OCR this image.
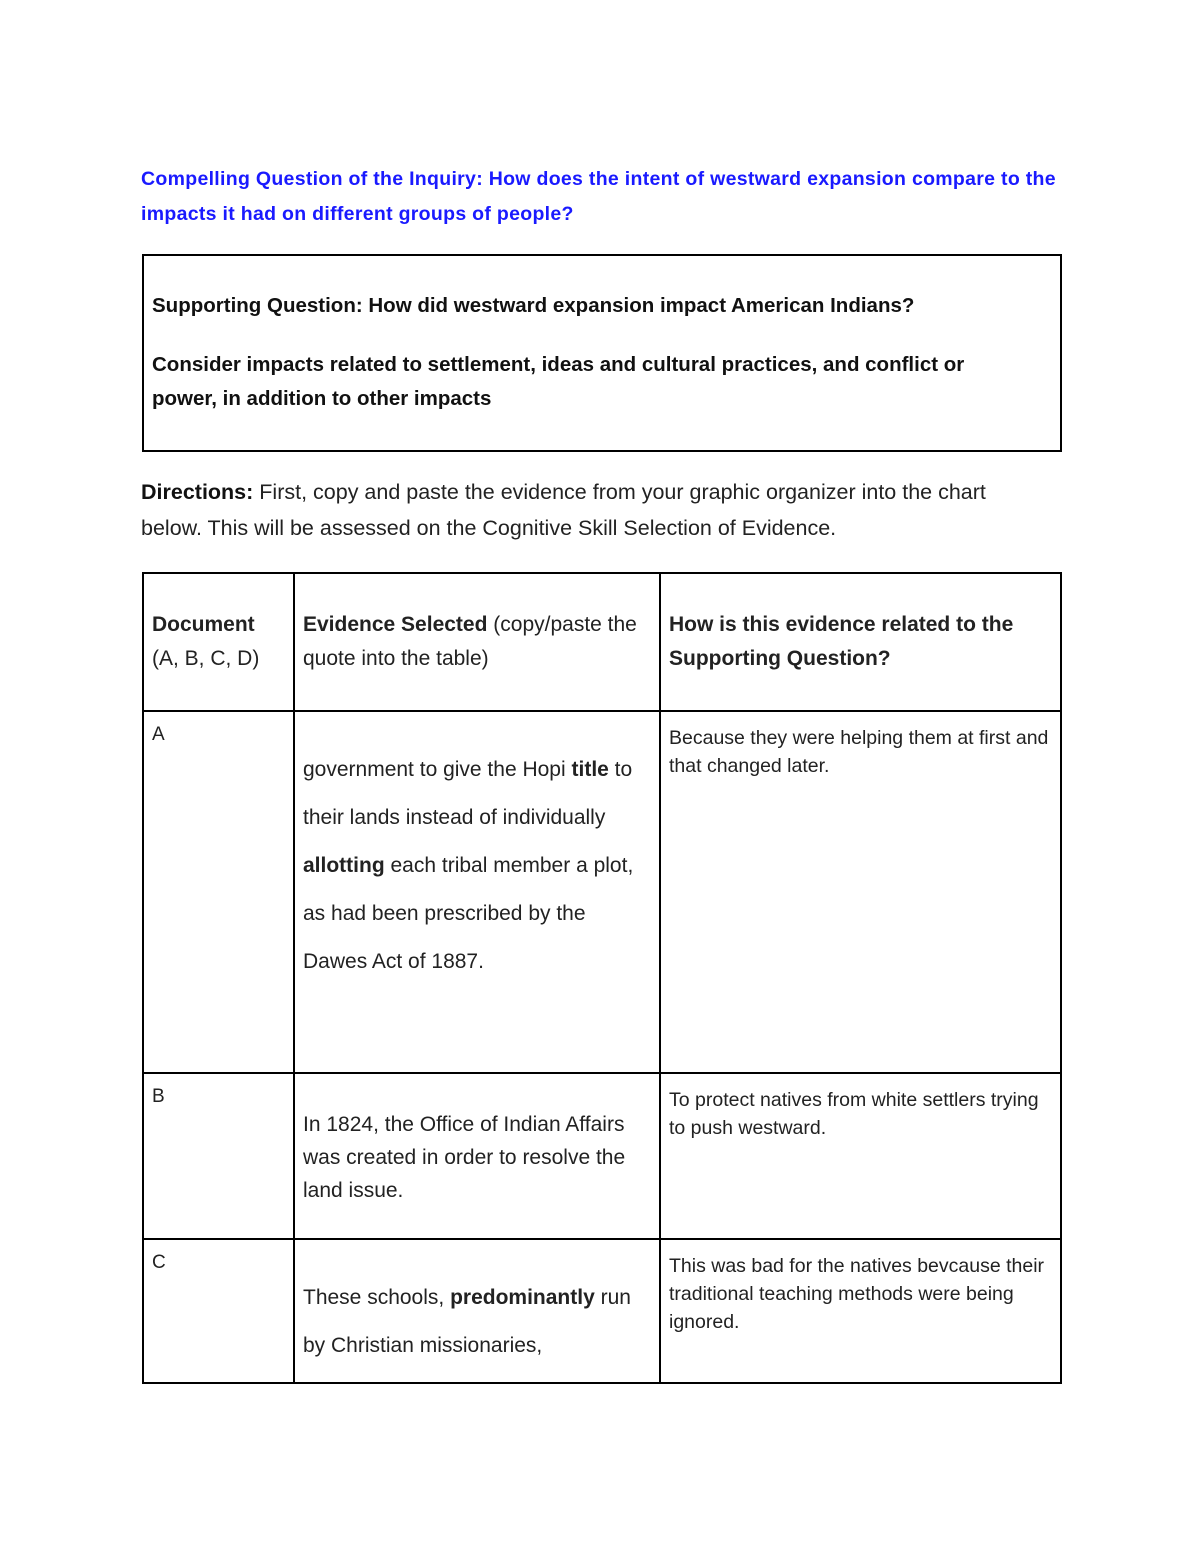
Compelling Question of the Inquiry: How does the intent of westward expansion compare to the impacts it had on different groups of people?
Supporting Question: How did westward expansion impact American Indians?
Consider impacts related to settlement, ideas and cultural practices, and conflict or power, in addition to other impacts
Directions: First, copy and paste the evidence from your graphic organizer into the chart below. This will be assessed on the Cognitive Skill Selection of Evidence.
Document
(A, B, C, D)	Evidence Selected (copy/paste the quote into the table)	How is this evidence related to the Supporting Question?

A	government to give the Hopi title to their lands instead of individually allotting each tribal member a plot, as had been prescribed by the Dawes Act of 1887.	Because they were helping them at first and that changed later.

B	In 1824, the Office of Indian Affairs was created in order to resolve the land issue.	To protect natives from white settlers trying to push westward.

C	These schools, predominantly run by Christian missionaries,	This was bad for the natives bevcause their traditional teaching methods were being ignored.
